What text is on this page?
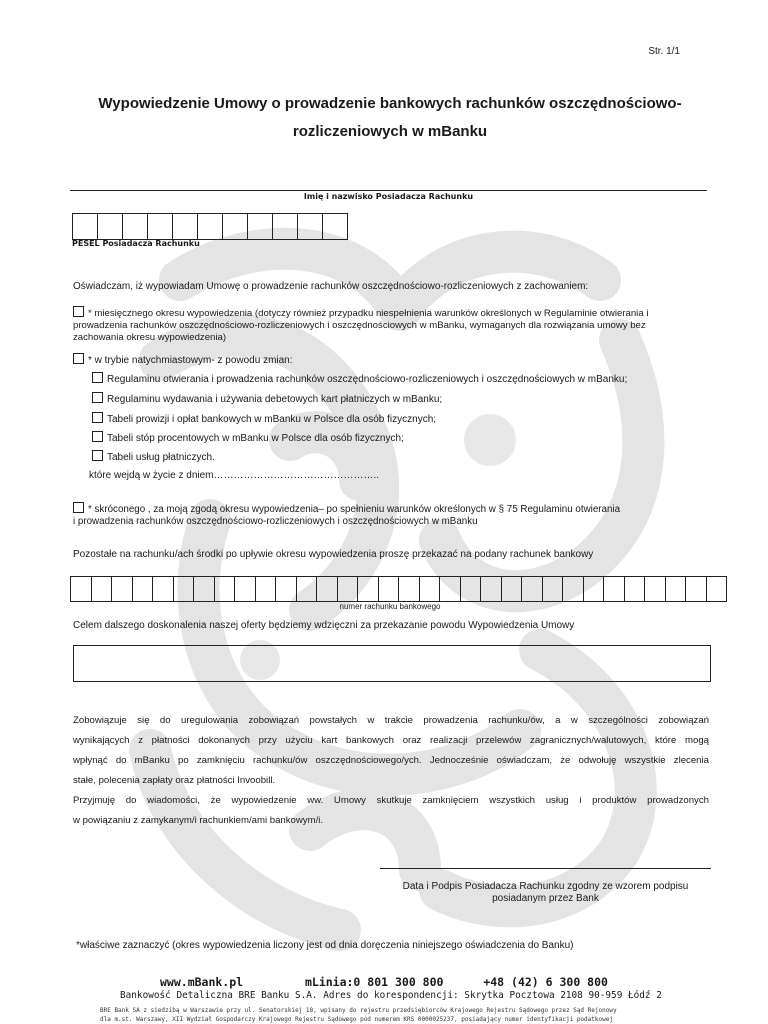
Str. 1/1
Wypowiedzenie Umowy o prowadzenie bankowych rachunków oszczędnościowo-
rozliczeniowych w mBanku
Imię i nazwisko Posiadacza Rachunku
PESEL Posiadacza Rachunku
Oświadczam, iż wypowiadam Umowę o prowadzenie rachunków oszczędnościowo-rozliczeniowych z zachowaniem:
* miesięcznego okresu wypowiedzenia (dotyczy również przypadku niespełnienia warunków określonych w Regulaminie otwierania i
prowadzenia rachunków oszczędnościowo-rozliczeniowych i oszczędnościowych w mBanku, wymaganych dla rozwiązania umowy bez
zachowania okresu wypowiedzenia)
* w trybie natychmiastowym- z powodu zmian:
Regulaminu otwierania i prowadzenia rachunków oszczędnościowo-rozliczeniowych i oszczędnościowych w mBanku;
Regulaminu wydawania i używania debetowych kart płatniczych w mBanku;
Tabeli prowizji i opłat bankowych w mBanku w Polsce dla osób fizycznych;
Tabeli stóp procentowych w mBanku w Polsce dla osób fizycznych;
Tabeli usług płatniczych.
które wejdą w życie z dniem…………………………………………..
* skróconego , za moją zgodą okresu wypowiedzenia– po spełnieniu warunków określonych w § 75 Regulaminu otwierania
i prowadzenia rachunków oszczędnościowo-rozliczeniowych i oszczędnościowych w mBanku
Pozostałe na rachunku/ach środki po upływie okresu wypowiedzenia proszę przekazać na podany rachunek bankowy
numer rachunku bankowego
Celem dalszego doskonalenia naszej oferty będziemy wdzięczni za przekazanie powodu Wypowiedzenia Umowy
Zobowiązuje się do uregulowania zobowiązań powstałych w trakcie prowadzenia rachunku/ów, a w szczególności zobowiązań
wynikających z płatności dokonanych przy użyciu kart bankowych oraz realizacji przelewów zagranicznych/walutowych, które mogą
wpłynąć do mBanku po zamknięciu rachunku/ów oszczędnościowego/ych. Jednocześnie oświadczam, że odwołuję wszystkie zlecenia
stałe, polecenia zapłaty oraz płatności Invoobill.
Przyjmuję do wiadomości, że wypowiedzenie ww. Umowy skutkuje zamknięciem wszystkich usług i produktów prowadzonych
w powiązaniu z zamykanym/i rachunkiem/ami bankowym/i.
Data i Podpis Posiadacza Rachunku zgodny ze wzorem podpisu
posiadanym przez Bank
*właściwe zaznaczyć (okres wypowiedzenia liczony jest od dnia doręczenia niniejszego oświadczenia do Banku)
www.mBank.pl	mLinia:0 801 300 800	+48 (42) 6 300 800
Bankowość Detaliczna BRE Banku S.A. Adres do korespondencji: Skrytka Pocztowa 2108 90-959 Łódź 2
BRE Bank SA z siedzibą w Warszawie przy ul. Senatorskiej 18, wpisany do rejestru przedsiębiorców Krajowego Rejestru Sądowego przez Sąd Rejonowy
dla m.st. Warszawy, XII Wydział Gospodarczy Krajowego Rejestru Sądowego pod numerem KRS 0000025237, posiadający numer identyfikacji podatkowej
